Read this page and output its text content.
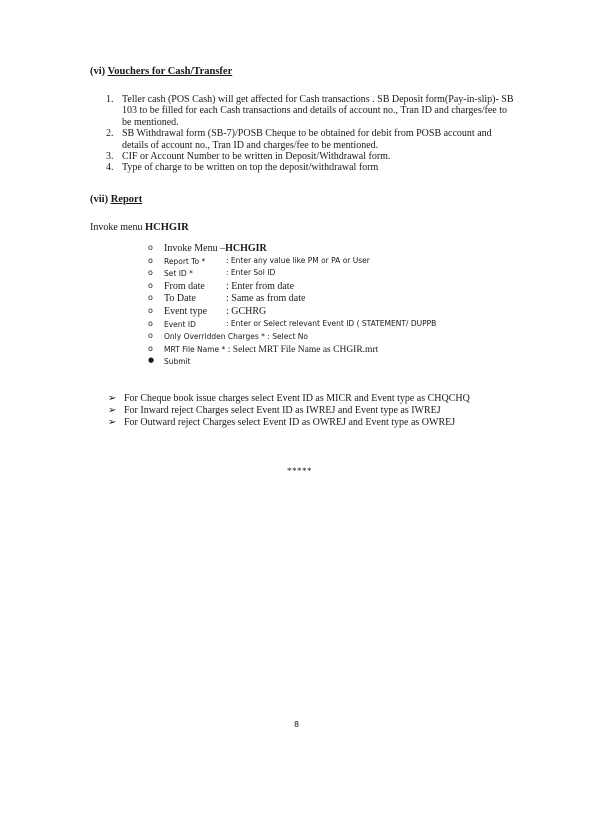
(vi) Vouchers for Cash/Transfer
1. Teller cash (POS Cash) will get affected for Cash transactions . SB Deposit form(Pay-in-slip)- SB 103 to be filled for each Cash transactions and details of account no., Tran ID and charges/fee to be mentioned.
2. SB Withdrawal form (SB-7)/POSB Cheque to be obtained for debit from POSB account and details of account no., Tran ID and charges/fee to be mentioned.
3. CIF or Account Number to be written in Deposit/Withdrawal form.
4. Type of charge to be written on top the deposit/withdrawal form
(vii) Report
Invoke menu HCHGIR
o Invoke Menu –HCHGIR
o Report To *	: Enter any value like PM or PA or User
o Set ID *	: Enter Sol ID
o From date : Enter from date
o To Date	: Same as from date
o Event type : GCHRG
o Event ID	: Enter or Select relevant Event ID ( STATEMENT/ DUPPB
o Only Overridden Charges * : Select No
o MRT File Name * : Select MRT File Name as CHGIR.mrt
● Submit
➢ For Cheque book issue charges select Event ID as MICR and Event type as CHQCHQ
➢ For Inward reject Charges select Event ID as IWREJ and Event type as IWREJ
➢ For Outward reject Charges select Event ID as OWREJ and Event type as OWREJ
*****
8
